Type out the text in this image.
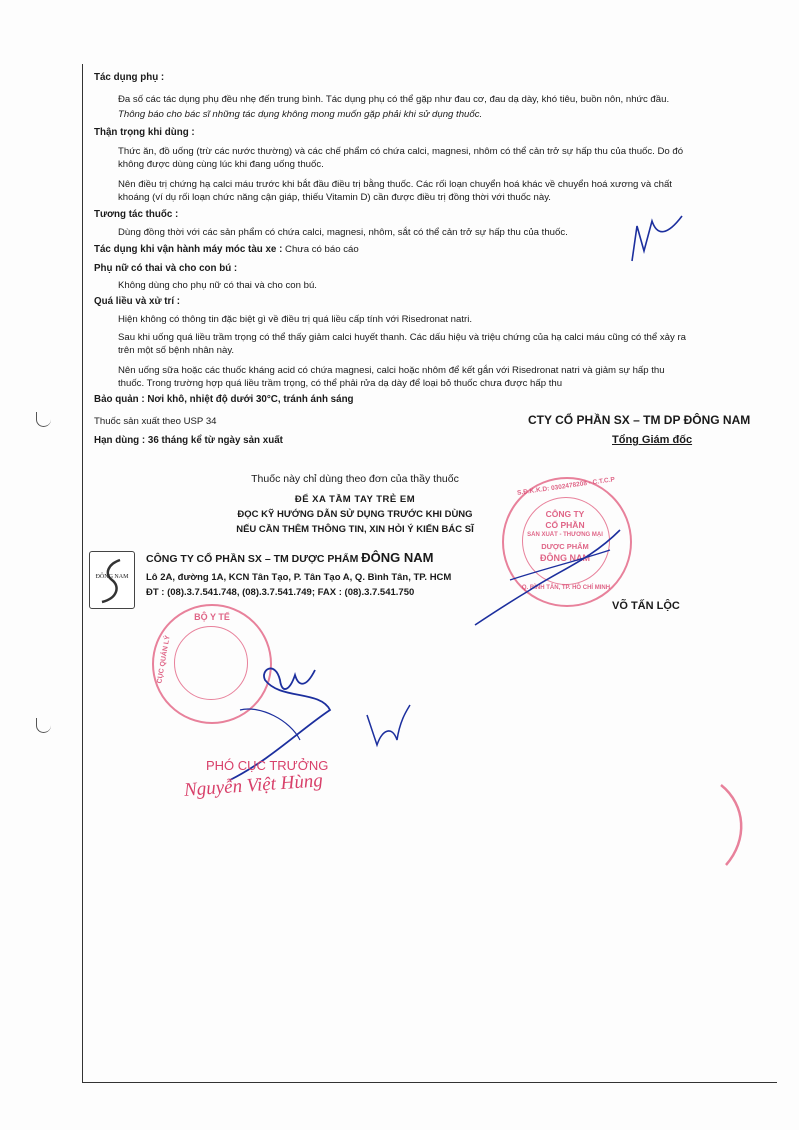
Tác dụng phụ :
Đa số các tác dụng phụ đều nhẹ đến trung bình. Tác dụng phụ có thể gặp như đau cơ, đau dạ dày, khó tiêu, buồn nôn, nhức đầu.
Thông báo cho bác sĩ những tác dụng không mong muốn gặp phải khi sử dụng thuốc.
Thận trọng khi dùng :
Thức ăn, đồ uống (trừ các nước thường) và các chế phẩm có chứa calci, magnesi, nhôm có thể cản trở sự hấp thu của thuốc. Do đó
không được dùng cùng lúc khi đang uống thuốc.
Nên điều trị chứng hạ calci máu trước khi bắt đầu điều trị bằng thuốc. Các rối loạn chuyển hoá khác về chuyển hoá xương và chất
khoáng (ví dụ rối loạn chức năng cận giáp, thiếu Vitamin D) cần được điều trị đồng thời với thuốc này.
Tương tác thuốc :
Dùng đồng thời với các sản phẩm có chứa calci, magnesi, nhôm, sắt có thể cản trở sự hấp thu của thuốc.
Tác dụng khi vận hành máy móc tàu xe : Chưa có báo cáo
Phụ nữ có thai và cho con bú :
Không dùng cho phụ nữ có thai và cho con bú.
Quá liều và xử trí :
Hiện không có thông tin đặc biệt gì về điều trị quá liều cấp tính với Risedronat natri.
Sau khi uống quá liều trầm trọng có thể thấy giảm calci huyết thanh. Các dấu hiệu và triệu chứng của hạ calci máu cũng có thể xảy ra
trên một số bệnh nhân này.
Nên uống sữa hoặc các thuốc kháng acid có chứa magnesi, calci hoặc nhôm để kết gắn với Risedronat natri và giảm sự hấp thu
thuốc. Trong trường hợp quá liều trầm trọng, có thể phải rửa dạ dày để loại bỏ thuốc chưa được hấp thu
Bảo quản : Nơi khô, nhiệt độ dưới 30°C, tránh ánh sáng
Thuốc sản xuất theo USP 34
Hạn dùng : 36 tháng kể từ ngày sản xuất
CTY CỔ PHẦN SX – TM DP ĐÔNG NAM
Tổng Giám đốc
Thuốc này chỉ dùng theo đơn của thầy thuốc
ĐỂ XA TẦM TAY TRẺ EM
ĐỌC KỸ HƯỚNG DẪN SỬ DỤNG TRƯỚC KHI DÙNG
NẾU CẦN THÊM THÔNG TIN, XIN HỎI Ý KIẾN BÁC SĨ
ĐÔNG NAM
CÔNG TY CỔ PHẦN SX – TM DƯỢC PHẨM ĐÔNG NAM
Lô 2A, đường 1A, KCN Tân Tạo, P. Tân Tạo A, Q. Bình Tân, TP. HCM
ĐT : (08).3.7.541.748, (08).3.7.541.749; FAX : (08).3.7.541.750
S.Đ.K.K.D: 0302478208 - C.T.C.P
CÔNG TY
CỔ PHẦN
SẢN XUẤT - THƯƠNG MẠI
DƯỢC PHẨM
ĐÔNG NAM
Q. BÌNH TÂN, TP. HỒ CHÍ MINH
VÕ TẤN LỘC
BỘ Y TẾ
CỤC QUẢN LÝ
PHÓ CỤC TRƯỞNG
Nguyễn Việt Hùng
